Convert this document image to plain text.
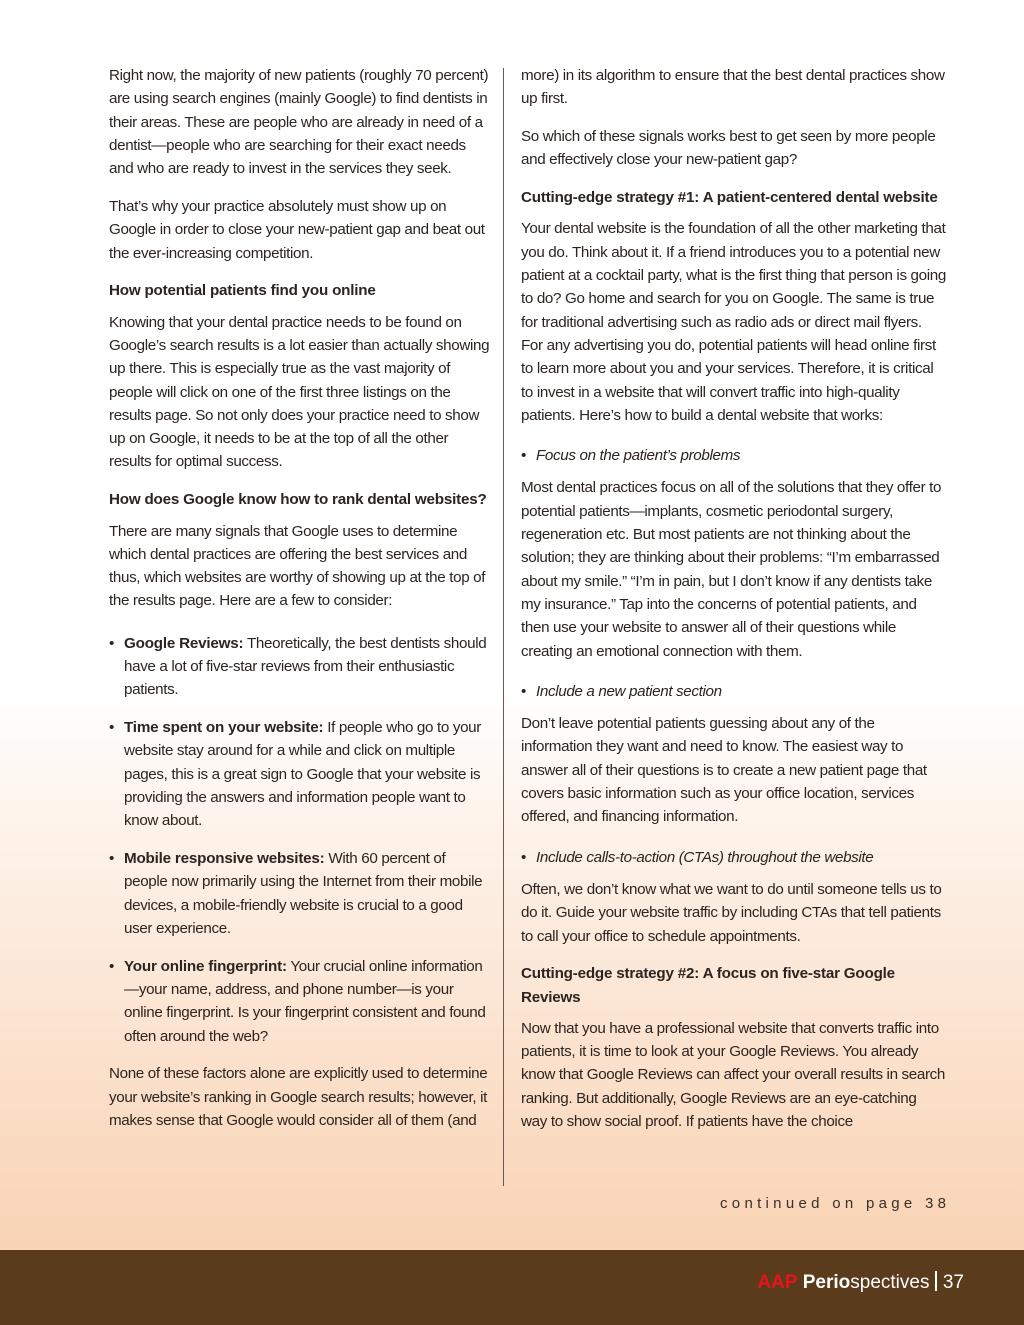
Right now, the majority of new patients (roughly 70 percent) are using search engines (mainly Google) to find dentists in their areas. These are people who are already in need of a dentist—people who are searching for their exact needs and who are ready to invest in the services they seek.

That’s why your practice absolutely must show up on Google in order to close your new-patient gap and beat out the ever-increasing competition.

How potential patients find you online

Knowing that your dental practice needs to be found on Google’s search results is a lot easier than actually showing up there. This is especially true as the vast majority of people will click on one of the first three listings on the results page. So not only does your practice need to show up on Google, it needs to be at the top of all the other results for optimal success.

How does Google know how to rank dental websites?

There are many signals that Google uses to determine which dental practices are offering the best services and thus, which websites are worthy of showing up at the top of the results page. Here are a few to consider:

• Google Reviews: Theoretically, the best dentists should have a lot of five-star reviews from their enthusiastic patients.
• Time spent on your website: If people who go to your website stay around for a while and click on multiple pages, this is a great sign to Google that your website is providing the answers and information people want to know about.
• Mobile responsive websites: With 60 percent of people now primarily using the Internet from their mobile devices, a mobile-friendly website is crucial to a good user experience.
• Your online fingerprint: Your crucial online information—your name, address, and phone number—is your online fingerprint. Is your fingerprint consistent and found often around the web?

None of these factors alone are explicitly used to determine your website’s ranking in Google search results; however, it makes sense that Google would consider all of them (and

more) in its algorithm to ensure that the best dental practices show up first.

So which of these signals works best to get seen by more people and effectively close your new-patient gap?

Cutting-edge strategy #1: A patient-centered dental website

Your dental website is the foundation of all the other marketing that you do. Think about it. If a friend introduces you to a potential new patient at a cocktail party, what is the first thing that person is going to do? Go home and search for you on Google. The same is true for traditional advertising such as radio ads or direct mail flyers. For any advertising you do, potential patients will head online first to learn more about you and your services. Therefore, it is critical to invest in a website that will convert traffic into high-quality patients. Here’s how to build a dental website that works:

• Focus on the patient’s problems

Most dental practices focus on all of the solutions that they offer to potential patients—implants, cosmetic periodontal surgery, regeneration etc. But most patients are not thinking about the solution; they are thinking about their problems: “I’m embarrassed about my smile.” “I’m in pain, but I don’t know if any dentists take my insurance.” Tap into the concerns of potential patients, and then use your website to answer all of their questions while creating an emotional connection with them.

• Include a new patient section

Don’t leave potential patients guessing about any of the information they want and need to know. The easiest way to answer all of their questions is to create a new patient page that covers basic information such as your office location, services offered, and financing information.

• Include calls-to-action (CTAs) throughout the website

Often, we don’t know what we want to do until someone tells us to do it. Guide your website traffic by including CTAs that tell patients to call your office to schedule appointments.

Cutting-edge strategy #2: A focus on five-star Google Reviews

Now that you have a professional website that converts traffic into patients, it is time to look at your Google Reviews. You already know that Google Reviews can affect your overall results in search ranking. But additionally, Google Reviews are an eye-catching way to show social proof. If patients have the choice

continued on page 38
AAP Periospectives 37
